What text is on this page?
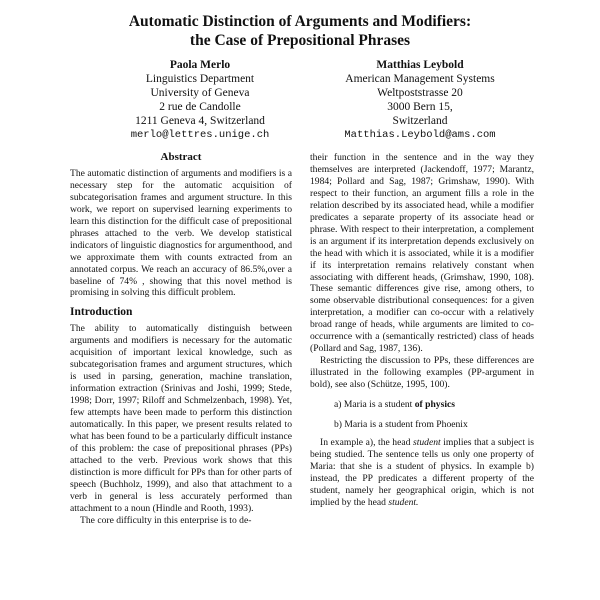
Automatic Distinction of Arguments and Modifiers:
the Case of Prepositional Phrases
Paola Merlo
Linguistics Department
University of Geneva
2 rue de Candolle
1211 Geneva 4, Switzerland
merlo@lettres.unige.ch
Matthias Leybold
American Management Systems
Weltpoststrasse 20
3000 Bern 15,
Switzerland
Matthias.Leybold@ams.com
Abstract

The automatic distinction of arguments and modifiers is a necessary step for the automatic acquisition of subcategorisation frames and argument structure. In this work, we report on supervised learning experiments to learn this distinction for the difficult case of prepositional phrases attached to the verb. We develop statistical indicators of linguistic diagnostics for argumenthood, and we approximate them with counts extracted from an annotated corpus. We reach an accuracy of 86.5%,over a baseline of 74% , showing that this novel method is promising in solving this difficult problem.

Introduction

The ability to automatically distinguish between arguments and modifiers is necessary for the automatic acquisition of important lexical knowledge, such as subcategorisation frames and argument structures, which is used in parsing, generation, machine translation, information extraction (Srinivas and Joshi, 1999; Stede, 1998; Dorr, 1997; Riloff and Schmelzenbach, 1998). Yet, few attempts have been made to perform this distinction automatically. In this paper, we present results related to what has been found to be a particularly difficult instance of this problem: the case of prepositional phrases (PPs) attached to the verb. Previous work shows that this distinction is more difficult for PPs than for other parts of speech (Buchholz, 1999), and also that attachment to a verb in general is less accurately performed than attachment to a noun (Hindle and Rooth, 1993).

The core difficulty in this enterprise is to de-

their function in the sentence and in the way they themselves are interpreted (Jackendoff, 1977; Marantz, 1984; Pollard and Sag, 1987; Grimshaw, 1990). With respect to their function, an argument fills a role in the relation described by its associated head, while a modifier predicates a separate property of its associate head or phrase. With respect to their interpretation, a complement is an argument if its interpretation depends exclusively on the head with which it is associated, while it is a modifier if its interpretation remains relatively constant when associating with different heads, (Grimshaw, 1990, 108). These semantic differences give rise, among others, to some observable distributional consequences: for a given interpretation, a modifier can co-occur with a relatively broad range of heads, while arguments are limited to co-occurrence with a (semantically restricted) class of heads (Pollard and Sag, 1987, 136).

Restricting the discussion to PPs, these differences are illustrated in the following examples (PP-argument in bold), see also (Schütze, 1995, 100).

a) Maria is a student of physics
b) Maria is a student from Phoenix

In example a), the head student implies that a subject is being studied. The sentence tells us only one property of Maria: that she is a student of physics. In example b) instead, the PP predicates a different property of the student, namely her geographical origin, which is not implied by the head student.
